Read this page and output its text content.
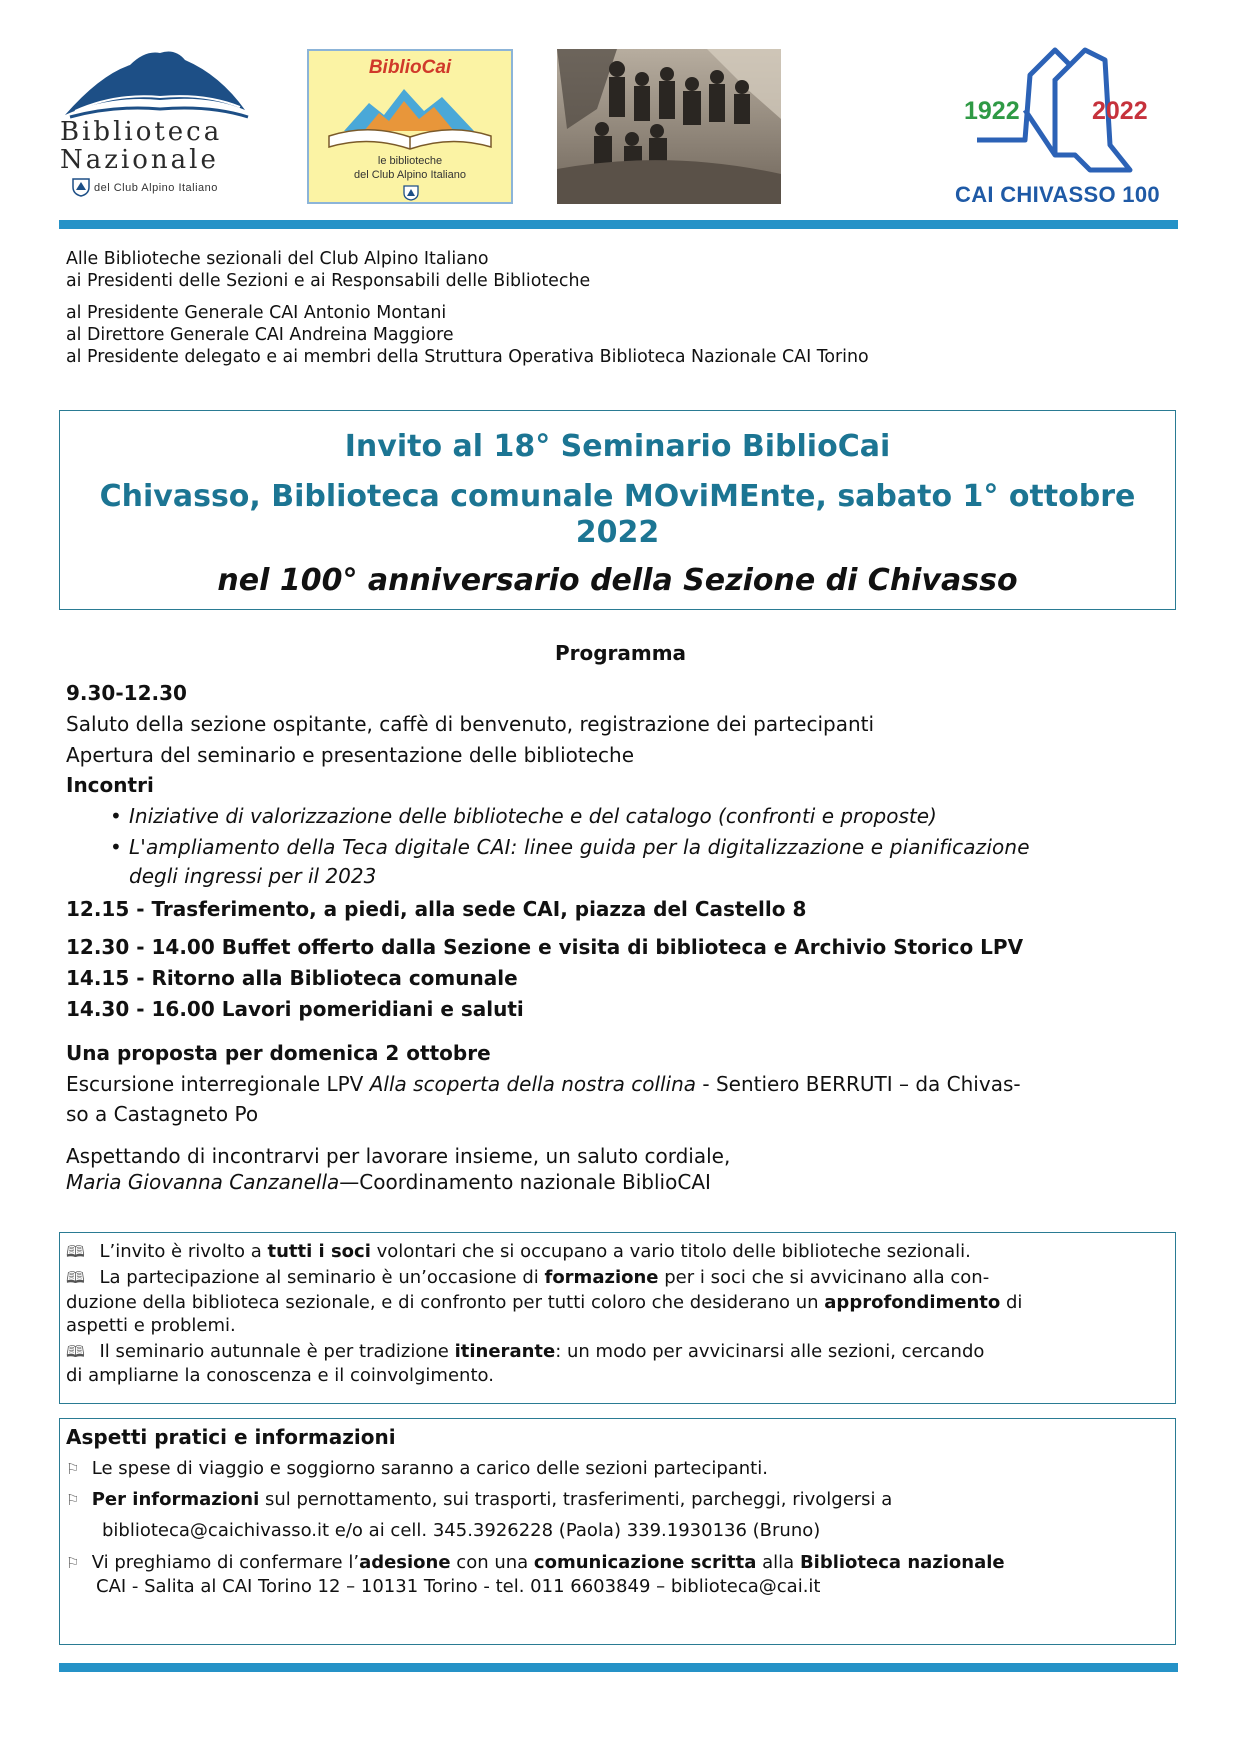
Biblioteca
Nazionale
del Club Alpino Italiano
BiblioCai
le biblioteche
del Club Alpino Italiano
1922	2022
CAI CHIVASSO 100
Alle Biblioteche sezionali del Club Alpino Italiano
ai Presidenti delle Sezioni e ai Responsabili delle Biblioteche
al Presidente Generale CAI Antonio Montani
al Direttore Generale CAI Andreina Maggiore
al Presidente delegato e ai membri della Struttura Operativa Biblioteca Nazionale CAI Torino
Invito al 18° Seminario BiblioCai
Chivasso, Biblioteca comunale MOviMEnte, sabato 1° ottobre
2022
nel 100° anniversario della Sezione di Chivasso
Programma
9.30-12.30
Saluto della sezione ospitante, caffè di benvenuto, registrazione dei partecipanti
Apertura del seminario e presentazione delle biblioteche
Incontri
• Iniziative di valorizzazione delle biblioteche e del catalogo (confronti e proposte)
• L'ampliamento della Teca digitale CAI: linee guida per la digitalizzazione e pianificazione
degli ingressi per il 2023
12.15 - Trasferimento, a piedi, alla sede CAI, piazza del Castello 8
12.30 - 14.00 Buffet offerto dalla Sezione e visita di biblioteca e Archivio Storico LPV
14.15 - Ritorno alla Biblioteca comunale
14.30 - 16.00 Lavori pomeridiani e saluti
Una proposta per domenica 2 ottobre
Escursione interregionale LPV Alla scoperta della nostra collina - Sentiero BERRUTI – da Chivas-
so a Castagneto Po
Aspettando di incontrarvi per lavorare insieme, un saluto cordiale,
Maria Giovanna Canzanella—Coordinamento nazionale BiblioCAI
🕮 L’invito è rivolto a tutti i soci volontari che si occupano a vario titolo delle biblioteche sezionali.
🕮 La partecipazione al seminario è un’occasione di formazione per i soci che si avvicinano alla con-
duzione della biblioteca sezionale, e di confronto per tutti coloro che desiderano un approfondimento di
aspetti e problemi.
🕮 Il seminario autunnale è per tradizione itinerante: un modo per avvicinarsi alle sezioni, cercando
di ampliarne la conoscenza e il coinvolgimento.
Aspetti pratici e informazioni
⚐ Le spese di viaggio e soggiorno saranno a carico delle sezioni partecipanti.
⚐ Per informazioni sul pernottamento, sui trasporti, trasferimenti, parcheggi, rivolgersi a
biblioteca@caichivasso.it e/o ai cell. 345.3926228 (Paola) 339.1930136 (Bruno)
⚐ Vi preghiamo di confermare l’adesione con una comunicazione scritta alla Biblioteca nazionale
CAI - Salita al CAI Torino 12 – 10131 Torino - tel. 011 6603849 – biblioteca@cai.it
